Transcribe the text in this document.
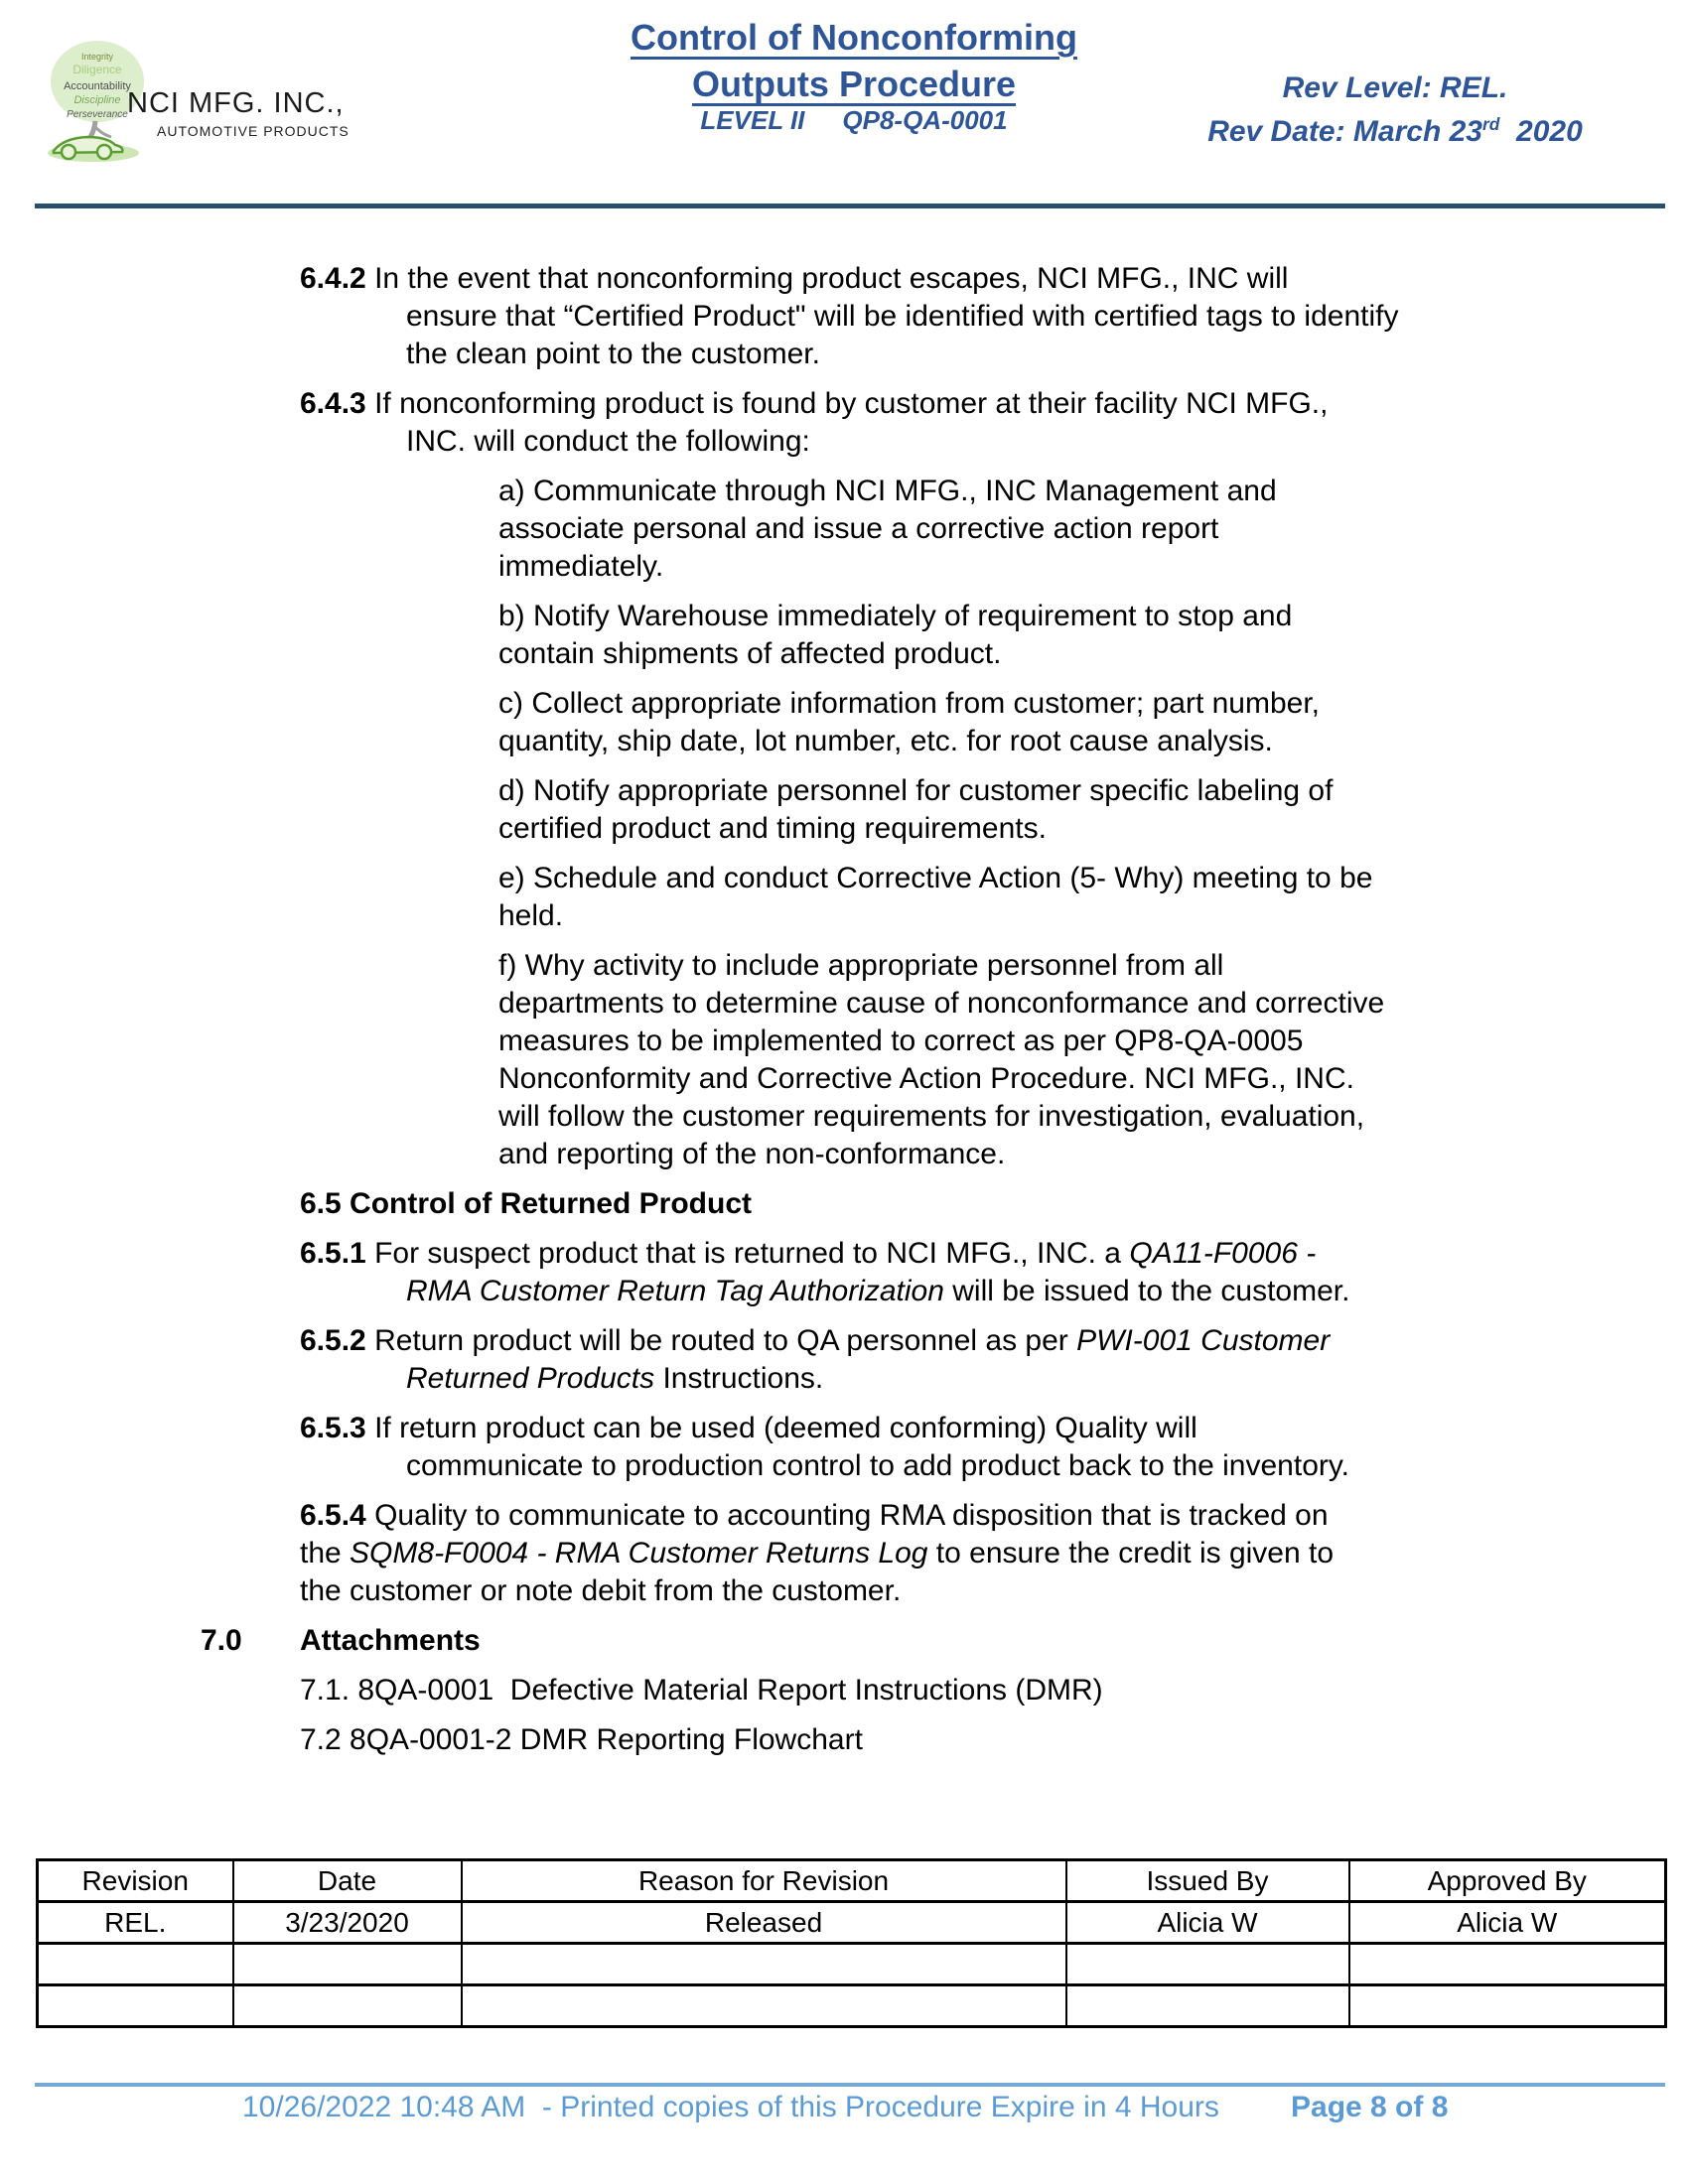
Integrity
Diligence
Accountability
Discipline
Perseverance NCI MFG. INC.,
AUTOMOTIVE PRODUCTS
Control of Nonconforming
Outputs Procedure
LEVEL II QP8-QA-0001
Rev Level: REL.
Rev Date: March 23rd  2020
6.4.2 In the event that nonconforming product escapes, NCI MFG., INC will
ensure that “Certified Product" will be identified with certified tags to identify
the clean point to the customer.
6.4.3 If nonconforming product is found by customer at their facility NCI MFG.,
INC. will conduct the following:
a) Communicate through NCI MFG., INC Management and
associate personal and issue a corrective action report
immediately.
b) Notify Warehouse immediately of requirement to stop and
contain shipments of affected product.
c) Collect appropriate information from customer; part number,
quantity, ship date, lot number, etc. for root cause analysis.
d) Notify appropriate personnel for customer specific labeling of
certified product and timing requirements.
e) Schedule and conduct Corrective Action (5- Why) meeting to be
held.
f) Why activity to include appropriate personnel from all
departments to determine cause of nonconformance and corrective
measures to be implemented to correct as per QP8-QA-0005
Nonconformity and Corrective Action Procedure. NCI MFG., INC.
will follow the customer requirements for investigation, evaluation,
and reporting of the non-conformance.
6.5 Control of Returned Product
6.5.1 For suspect product that is returned to NCI MFG., INC. a QA11-F0006 -
RMA Customer Return Tag Authorization will be issued to the customer.
6.5.2 Return product will be routed to QA personnel as per PWI-001 Customer
Returned Products Instructions.
6.5.3 If return product can be used (deemed conforming) Quality will
communicate to production control to add product back to the inventory.
6.5.4 Quality to communicate to accounting RMA disposition that is tracked on
the SQM8-F0004 - RMA Customer Returns Log to ensure the credit is given to
the customer or note debit from the customer.
7.0 Attachments
7.1. 8QA-0001  Defective Material Report Instructions (DMR)
7.2 8QA-0001-2 DMR Reporting Flowchart
Revision	Date	Reason for Revision	Issued By	Approved By
REL.	3/23/2020	Released	Alicia W	Alicia W

10/26/2022 10:48 AM  - Printed copies of this Procedure Expire in 4 Hours Page 8 of 8
